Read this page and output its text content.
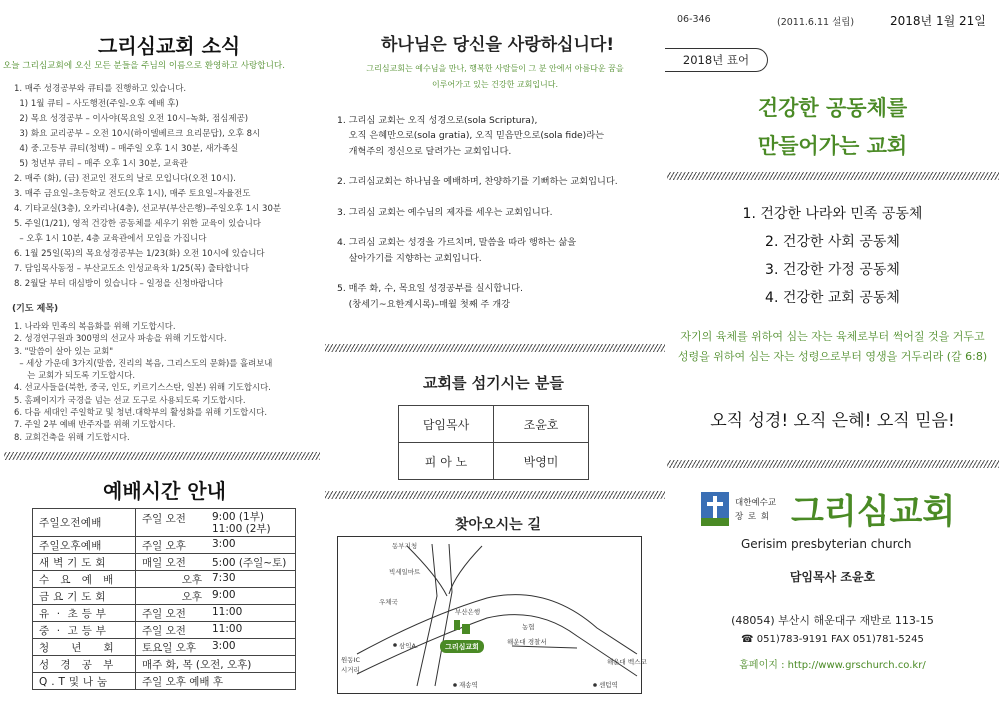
그리심교회 소식
오늘 그리심교회에 오신 모든 분들을 주님의 이름으로 환영하고 사랑합니다.
1. 매주 성경공부와 큐티를 진행하고 있습니다.
1) 1월 큐티 – 사도행전(주일-오후 예배 후)
2) 목요 성경공부 – 이사야(목요일 오전 10시–녹화, 점심제공)
3) 화요 교리공부 – 오전 10시(하이델베르크 요리문답), 오후 8시
4) 중.고등부 큐티(청백) – 매주일 오후 1시 30분, 새가족실
5) 청년부 큐티 – 매주 오후 1시 30분, 교육관
2. 매주 (화), (금) 전교인 전도의 날로 모입니다(오전 10시).
3. 매주 금요일–초등학교 전도(오후 1시), 매주 토요일–자율전도
4. 기타교실(3층), 오카리나(4층), 선교부(부산은행)–주일오후 1시 30분
5. 주일(1/21), 영적 건강한 공동체를 세우기 위한 교육이 있습니다
– 오후 1시 10분, 4층 교육관에서 모임을 가집니다
6. 1월 25일(목)의 목요성경공부는 1/23(화) 오전 10시에 있습니다
7. 담임목사동정 – 부산교도소 인성교육차 1/25(목) 출타합니다
8. 2월달 부터 대심방이 있습니다 – 일정을 신청바랍니다
(기도 제목)
1. 나라와 민족의 복음화를 위해 기도합시다.
2. 성경연구원과 300명의 선교사 파송을 위해 기도합시다.
3. "말씀이 살아 있는 교회"
– 세상 가운데 3가지(말씀, 진리의 복음, 그리스도의 문화)를 흘려보내
는 교회가 되도록 기도합시다.
4. 선교사들을(북한, 중국, 인도, 키르기스스탄, 일본) 위해 기도합시다.
5. 홈페이지가 국경을 넘는 선교 도구로 사용되도록 기도합시다.
6. 다음 세대인 주일학교 및 청년.대학부의 활성화를 위해 기도합시다.
7. 주일 2부 예배 반주자를 위해 기도합시다.
8. 교회건축을 위해 기도합시다.
예배시간 안내
주일오전예배	주일 오전 9:00 (1부)
11:00 (2부)

주일오후예배	주일 오후 3:00

새 벽 기 도 회	매일 오전 5:00 (주일~토)

수   요   예   배	오후 7:30

금 요 기 도 회	오후 9:00

유  ·  초 등 부	주일 오전 11:00

중  ·  고 등 부	주일 오전 11:00

청      년      회	토요일 오후 3:00

성   경   공   부	매주 화, 목 (오전, 오후)

Q . T 및 나 눔	주일 오후 예배 후
하나님은 당신을 사랑하십니다!
그리심교회는 예수님을 만나, 행복한 사람들이 그 분 안에서 아름다운 꿈을
이루어가고 있는 건강한 교회입니다.
1. 그리심 교회는 오직 성경으로(sola Scriptura),
오직 은혜만으로(sola gratia), 오직 믿음만으로(sola fide)라는
개혁주의 정신으로 달려가는 교회입니다.
2. 그리심교회는 하나님을 예배하며, 찬양하기를 기뻐하는 교회입니다.
3. 그리심 교회는 예수님의 제자를 세우는 교회입니다.
4. 그리심 교회는 성경을 가르치며, 말씀을 따라 행하는 삶을
살아가기를 지향하는 교회입니다.
5. 매주 화, 수, 목요일 성경공부를 실시합니다.
(창세기~요한계시록)–매월 첫째 주 개강
교회를 섬기시는 분들
담임목사	조윤호
피 아 노	박영미
찾아오시는 길
그리심교회
동부지청
부산은행
빅세일마트
우체국
농협
삼익A.	해운대 경찰서
원동IC
시거리
해운대 벡스코
재송역	센텀역
06-346	(2011.6.11 설립)	2018년 1월 21일
2018년 표어
건강한 공동체를
만들어가는 교회
1. 건강한 나라와 민족 공동체
2. 건강한 사회 공동체
3. 건강한 가정 공동체
4. 건강한 교회 공동체
자기의 육체를 위하여 심는 자는 육체로부터 썩어질 것을 거두고
성령을 위하여 심는 자는 성령으로부터 영생을 거두리라 (갈 6:8)
오직 성경! 오직 은혜! 오직 믿음!
대한예수교
장 로 회 그리심교회
Gerisim presbyterian church
담임목사 조윤호
(48054) 부산시 해운대구 재반로 113-15
☎ 051)783-9191 FAX 051)781-5245
홈페이지 : http://www.grschurch.co.kr/
